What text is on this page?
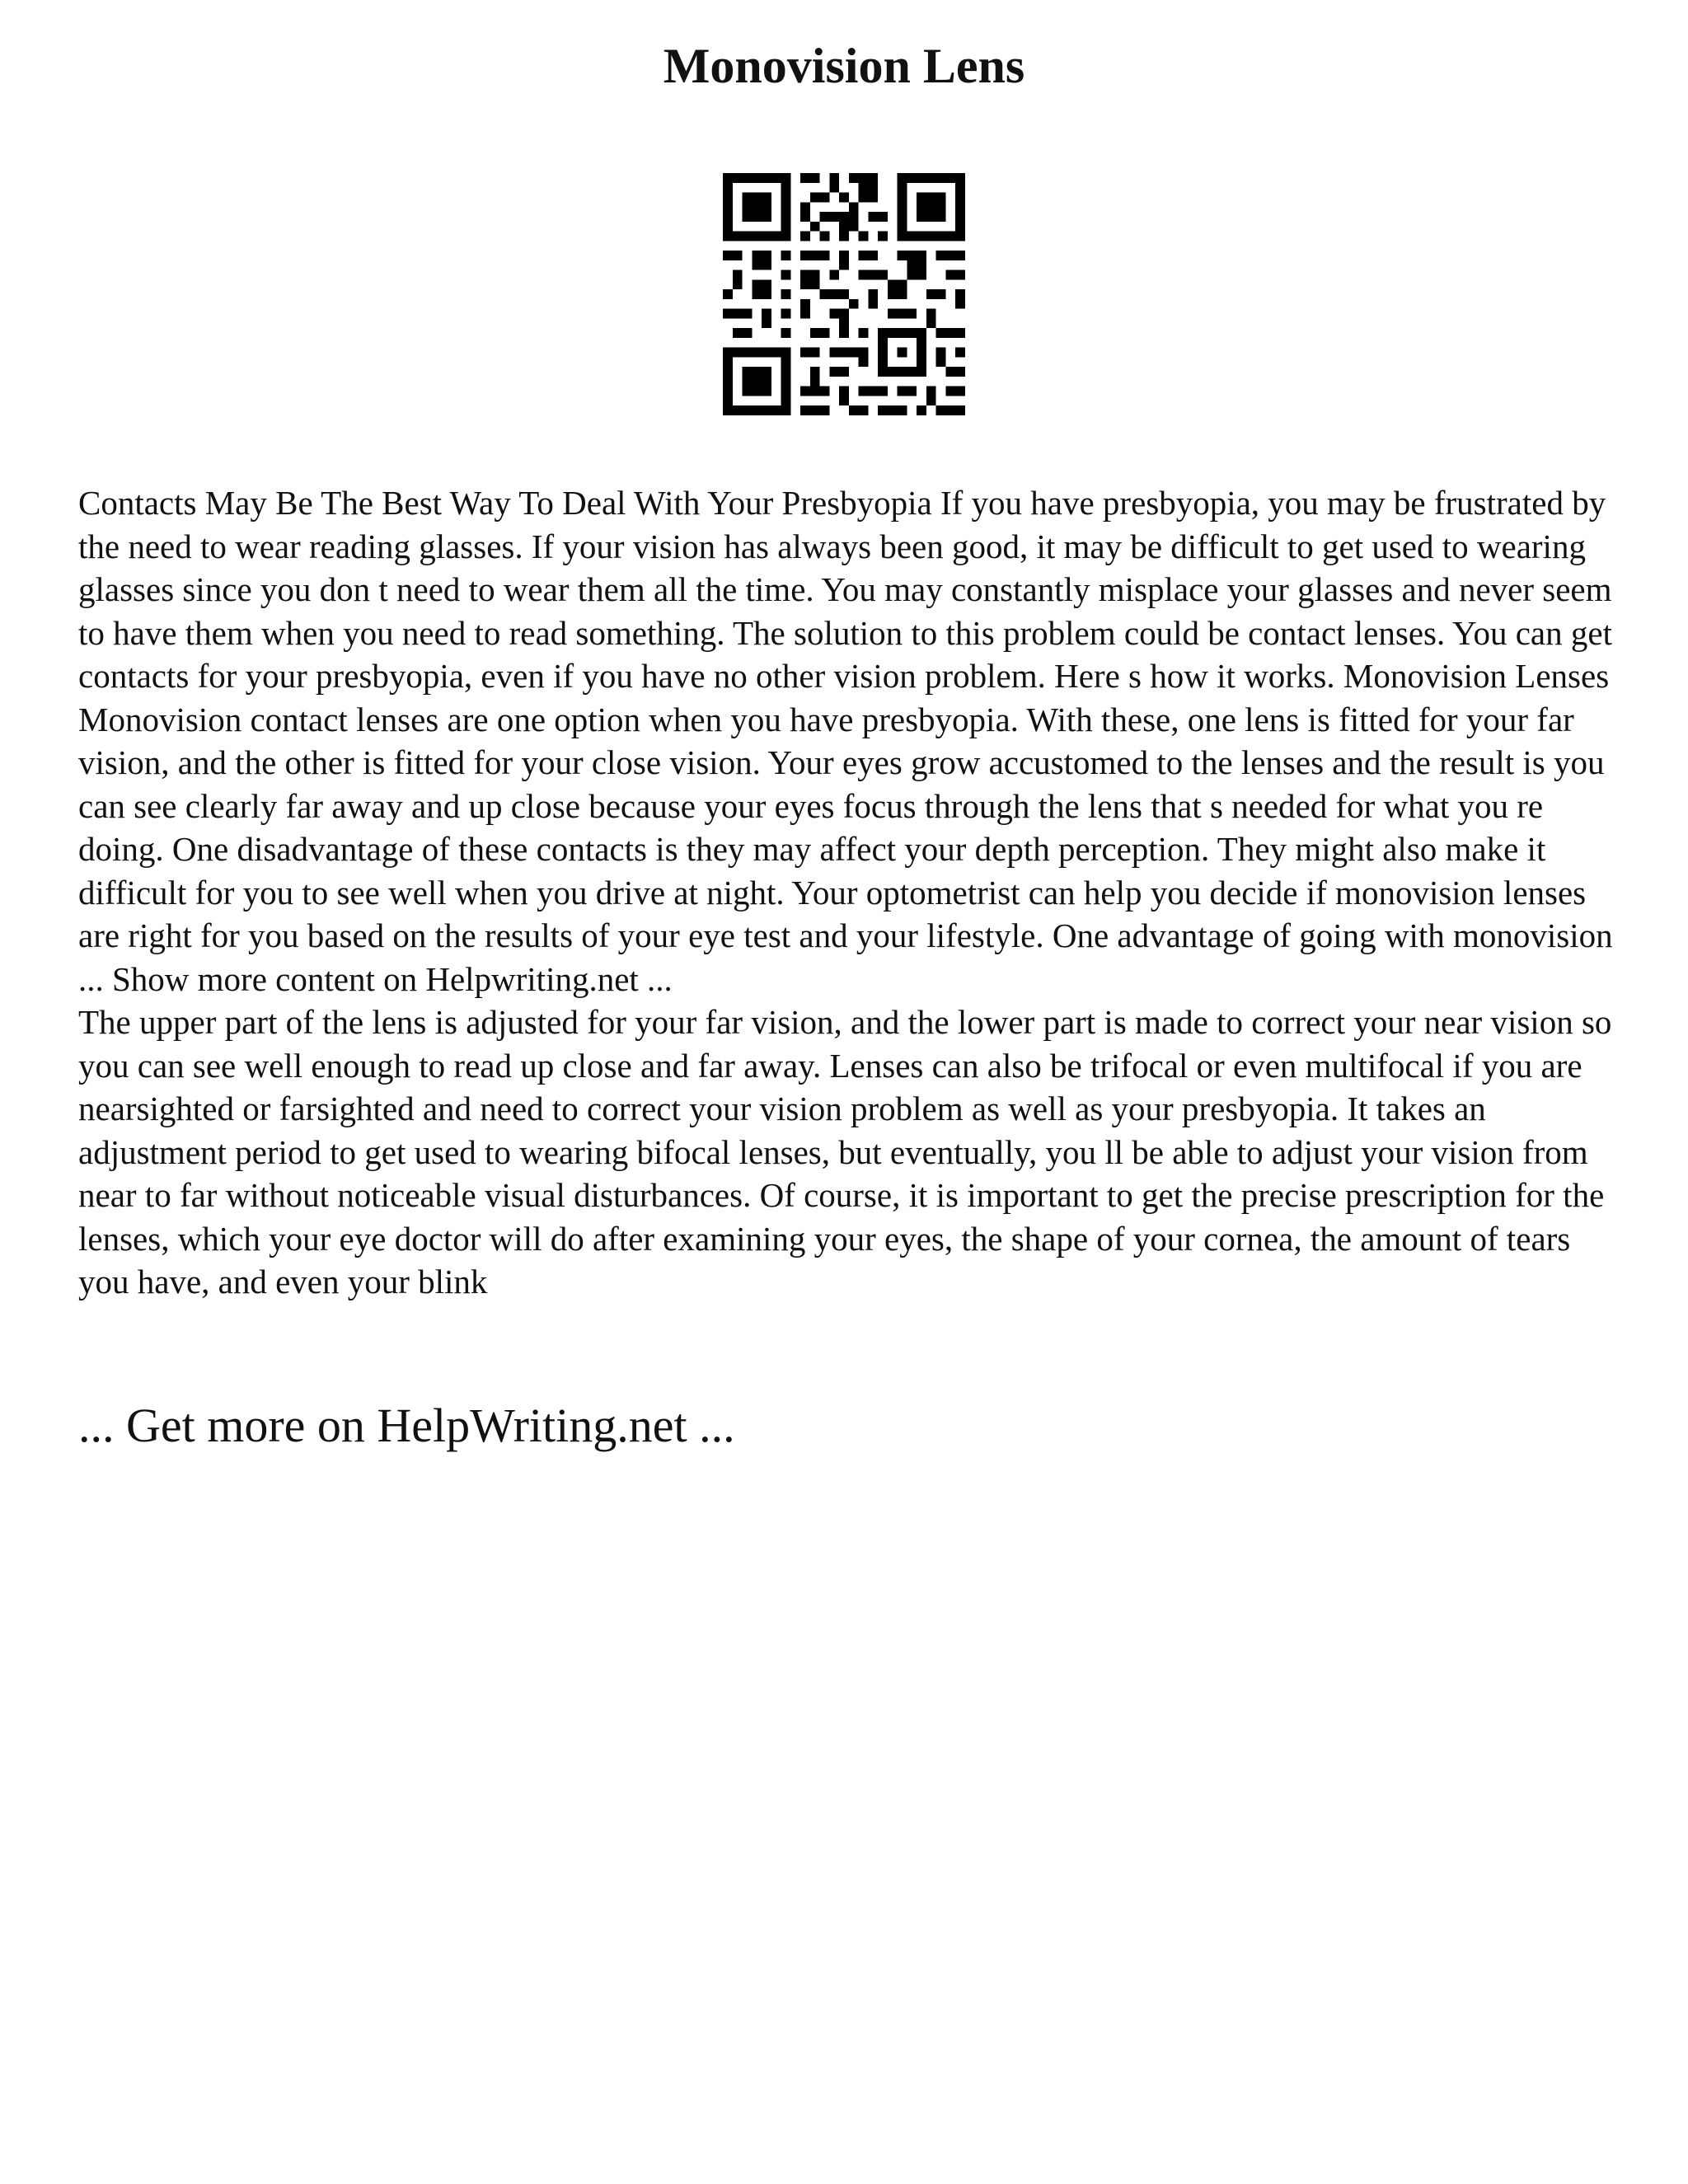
Monovision Lens

Contacts May Be The Best Way To Deal With Your Presbyopia If you have presbyopia, you may be frustrated by the need to wear reading glasses. If your vision has always been good, it may be difficult to get used to wearing glasses since you don t need to wear them all the time. You may constantly misplace your glasses and never seem to have them when you need to read something. The solution to this problem could be contact lenses. You can get contacts for your presbyopia, even if you have no other vision problem. Here s how it works. Monovision Lenses Monovision contact lenses are one option when you have presbyopia. With these, one lens is fitted for your far vision, and the other is fitted for your close vision. Your eyes grow accustomed to the lenses and the result is you can see clearly far away and up close because your eyes focus through the lens that s needed for what you re doing. One disadvantage of these contacts is they may affect your depth perception. They might also make it difficult for you to see well when you drive at night. Your optometrist can help you decide if monovision lenses are right for you based on the results of your eye test and your lifestyle. One advantage of going with monovision ... Show more content on Helpwriting.net ...

The upper part of the lens is adjusted for your far vision, and the lower part is made to correct your near vision so you can see well enough to read up close and far away. Lenses can also be trifocal or even multifocal if you are nearsighted or farsighted and need to correct your vision problem as well as your presbyopia. It takes an adjustment period to get used to wearing bifocal lenses, but eventually, you ll be able to adjust your vision from near to far without noticeable visual disturbances. Of course, it is important to get the precise prescription for the lenses, which your eye doctor will do after examining your eyes, the shape of your cornea, the amount of tears you have, and even your blink

... Get more on HelpWriting.net ...
